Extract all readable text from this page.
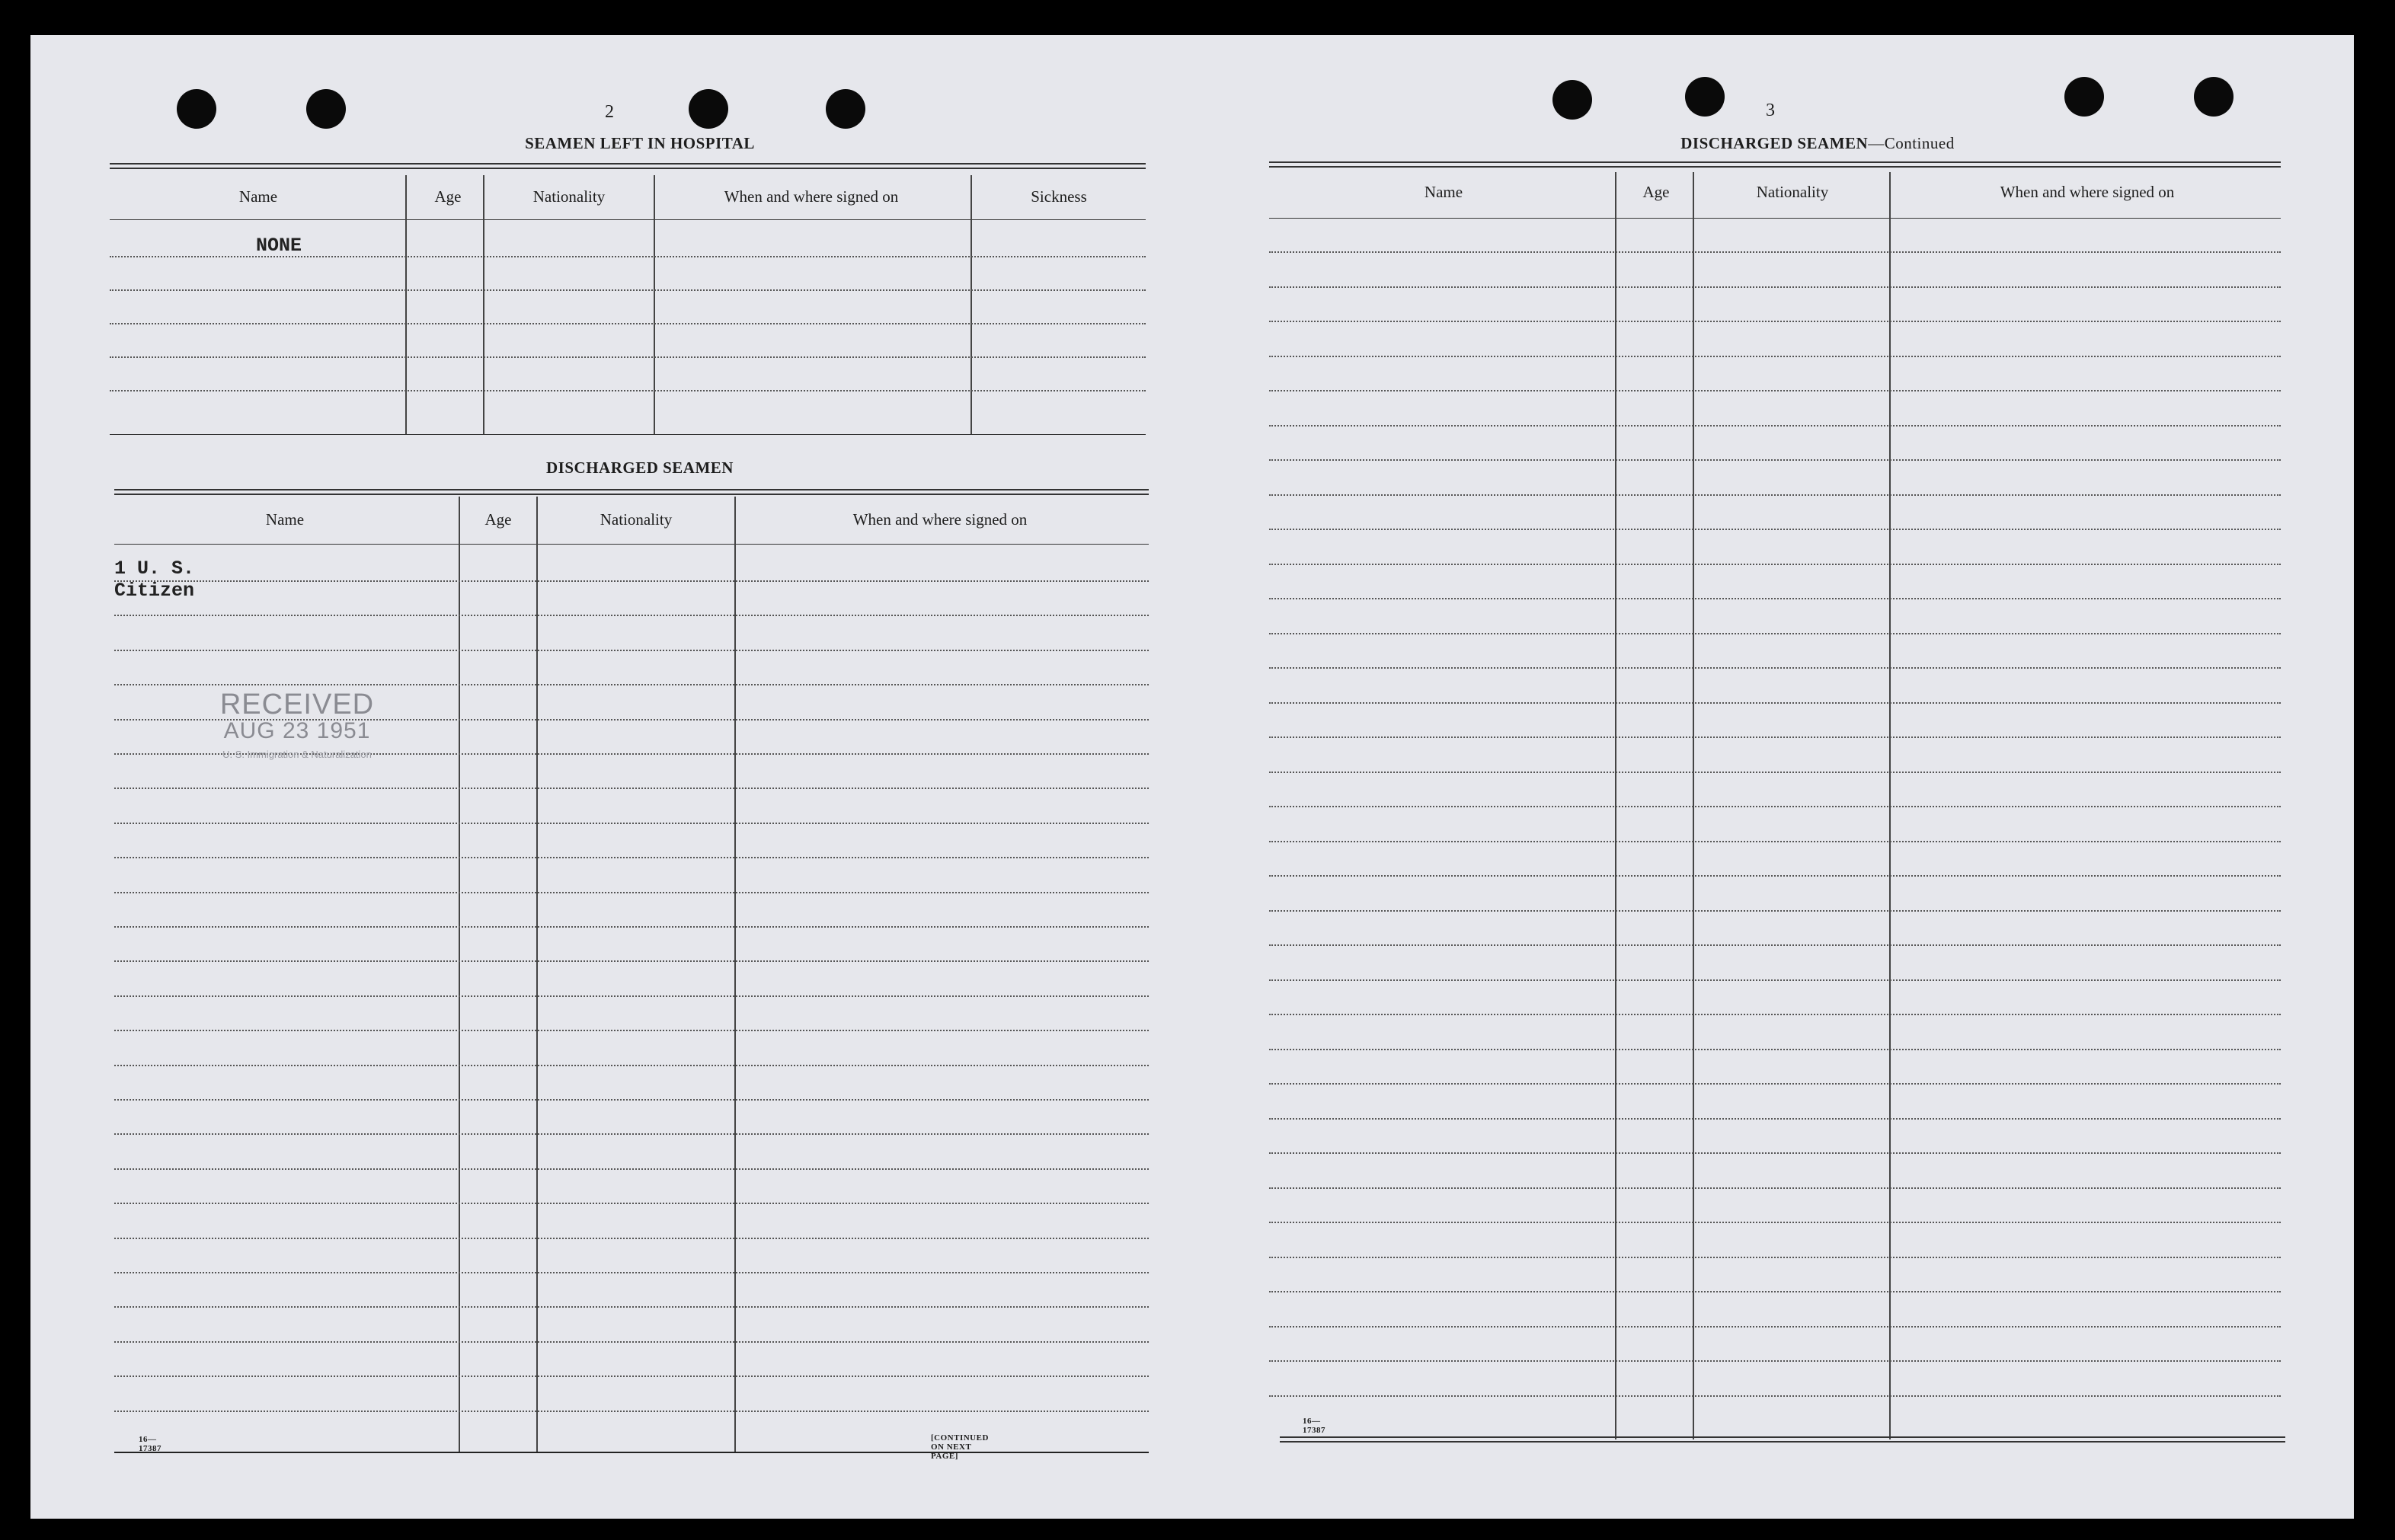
2
SEAMEN LEFT IN HOSPITAL
Name	Age	Nationality	When and where signed on	Sickness
NONE
DISCHARGED SEAMEN
Name	Age	Nationality	When and where signed on
1 U. S. Citizen
RECEIVED
AUG 23 1951
U. S. Immigration & Naturalization
16—17387
[CONTINUED ON NEXT PAGE]
3
DISCHARGED SEAMEN—Continued
Name	Age	Nationality	When and where signed on
16—17387
